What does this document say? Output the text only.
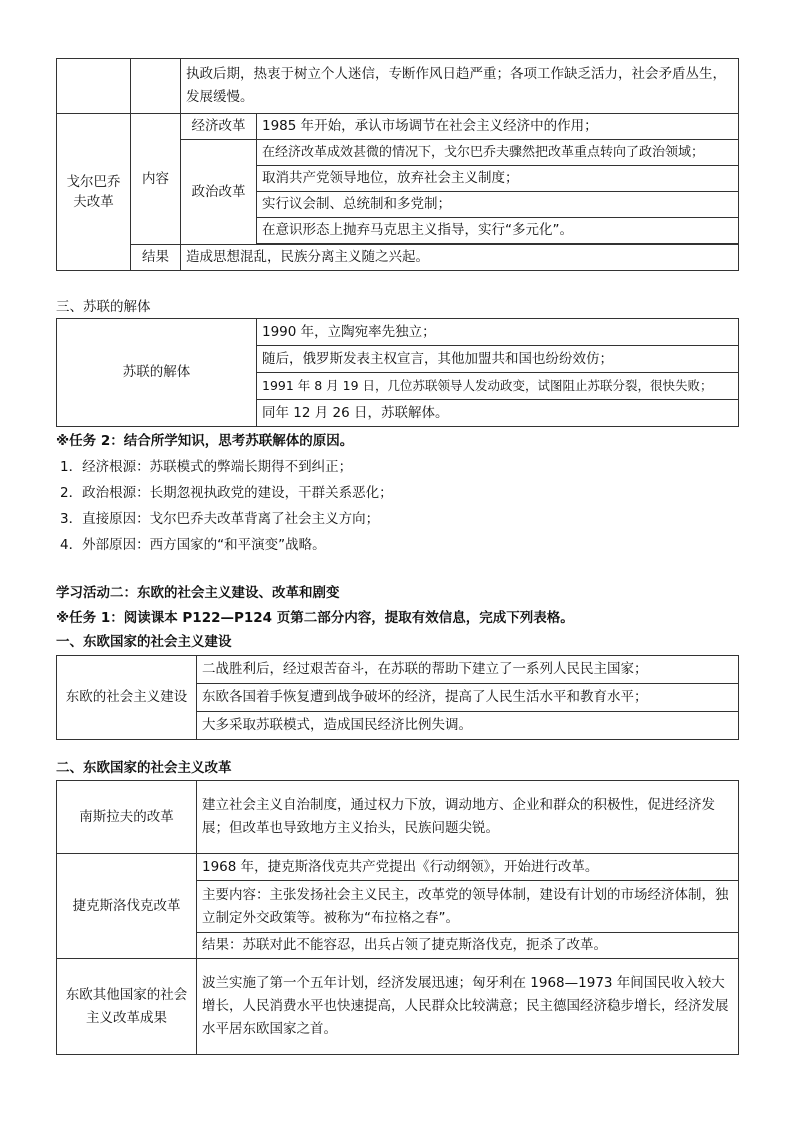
		执政后期，热衷于树立个人迷信，专断作风日趋严重；各项工作缺乏活力，社会矛盾丛生，发展缓慢。	
戈尔巴乔夫改革	内容	经济改革	1985 年开始，承认市场调节在社会主义经济中的作用；
		政治改革	在经济改革成效甚微的情况下，戈尔巴乔夫骤然把改革重点转向了政治领域；
			取消共产党领导地位，放弃社会主义制度；
			实行议会制、总统制和多党制；
			在意识形态上抛弃马克思主义指导，实行“多元化”。

	结果	造成思想混乱，民族分离主义随之兴起。	
三、苏联的解体
苏联的解体	1990 年，立陶宛率先独立；
随后，俄罗斯发表主权宣言，其他加盟共和国也纷纷效仿；
1991 年 8 月 19 日，几位苏联领导人发动政变，试图阻止苏联分裂，很快失败；
同年 12 月 26 日，苏联解体。
※任务 2：结合所学知识，思考苏联解体的原因。
1．经济根源：苏联模式的弊端长期得不到纠正；
2．政治根源：长期忽视执政党的建设，干群关系恶化；
3．直接原因：戈尔巴乔夫改革背离了社会主义方向；
4．外部原因：西方国家的“和平演变”战略。
学习活动二：东欧的社会主义建设、改革和剧变
※任务 1：阅读课本 P122—P124 页第二部分内容，提取有效信息，完成下列表格。
一、东欧国家的社会主义建设
东欧的社会主义建设	二战胜利后，经过艰苦奋斗，在苏联的帮助下建立了一系列人民民主国家；
东欧各国着手恢复遭到战争破坏的经济，提高了人民生活水平和教育水平；
大多采取苏联模式，造成国民经济比例失调。
二、东欧国家的社会主义改革
南斯拉夫的改革	建立社会主义自治制度，通过权力下放，调动地方、企业和群众的积极性，促进经济发展；但改革也导致地方主义抬头，民族问题尖锐。
捷克斯洛伐克改革	1968 年，捷克斯洛伐克共产党提出《行动纲领》，开始进行改革。
	主要内容：主张发扬社会主义民主，改革党的领导体制，建设有计划的市场经济体制，独立制定外交政策等。被称为“布拉格之春”。
	结果：苏联对此不能容忍，出兵占领了捷克斯洛伐克，扼杀了改革。
东欧其他国家的社会主义改革成果	波兰实施了第一个五年计划，经济发展迅速；匈牙利在 1968—1973 年间国民收入较大增长，人民消费水平也快速提高，人民群众比较满意；民主德国经济稳步增长，经济发展水平居东欧国家之首。
